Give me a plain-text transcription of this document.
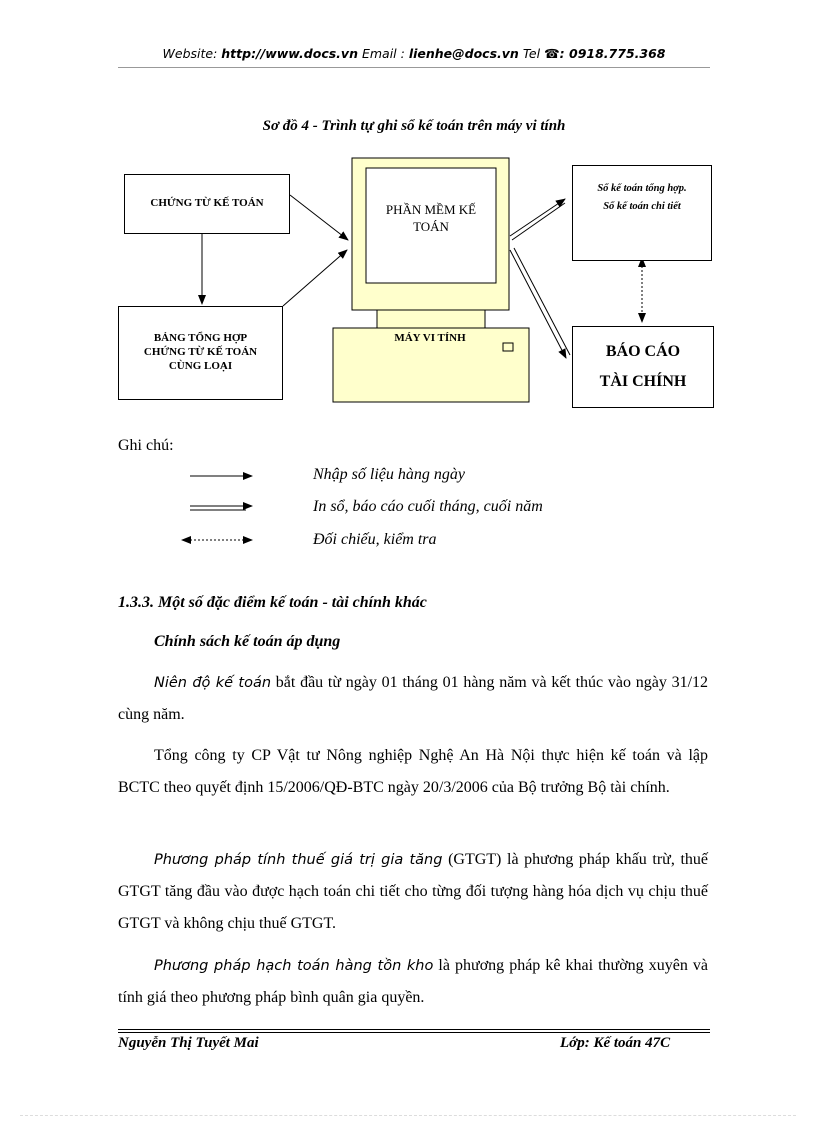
Website: http://www.docs.vn Email : lienhe@docs.vn Tel ☎: 0918.775.368
Sơ đồ 4 - Trình tự ghi sổ kế toán trên máy vi tính
CHỨNG TỪ KẾ TOÁN
BẢNG TỔNG HỢP CHỨNG TỪ KẾ TOÁN CÙNG LOẠI
PHẦN MỀM KẾ TOÁN
MÁY VI TÍNH
Sổ kế toán tổng hợp.
Sổ kế toán chi tiết
BÁO CÁO
TÀI CHÍNH
Ghi chú:
Nhập số liệu hàng ngày
In sổ, báo cáo cuối tháng, cuối năm
Đối chiếu, kiểm tra
1.3.3. Một số đặc điểm kế toán - tài chính khác
Chính sách kế toán áp dụng
Niên độ kế toán bắt đầu từ ngày 01 tháng 01 hàng năm và kết thúc vào ngày 31/12 cùng năm.
Tổng công ty CP Vật tư Nông nghiệp Nghệ An Hà Nội thực hiện kế toán và lập BCTC theo quyết định 15/2006/QĐ-BTC ngày 20/3/2006 của Bộ trưởng Bộ tài chính.
Phương pháp tính thuế giá trị gia tăng (GTGT) là phương pháp khấu trừ, thuế GTGT tăng đầu vào được hạch toán chi tiết cho từng đối tượng hàng hóa dịch vụ chịu thuế GTGT và không chịu thuế GTGT.
Phương pháp hạch toán hàng tồn kho là phương pháp kê khai thường xuyên và tính giá theo phương pháp bình quân gia quyền.
Nguyễn Thị Tuyết Mai	Lớp: Kế toán 47C
